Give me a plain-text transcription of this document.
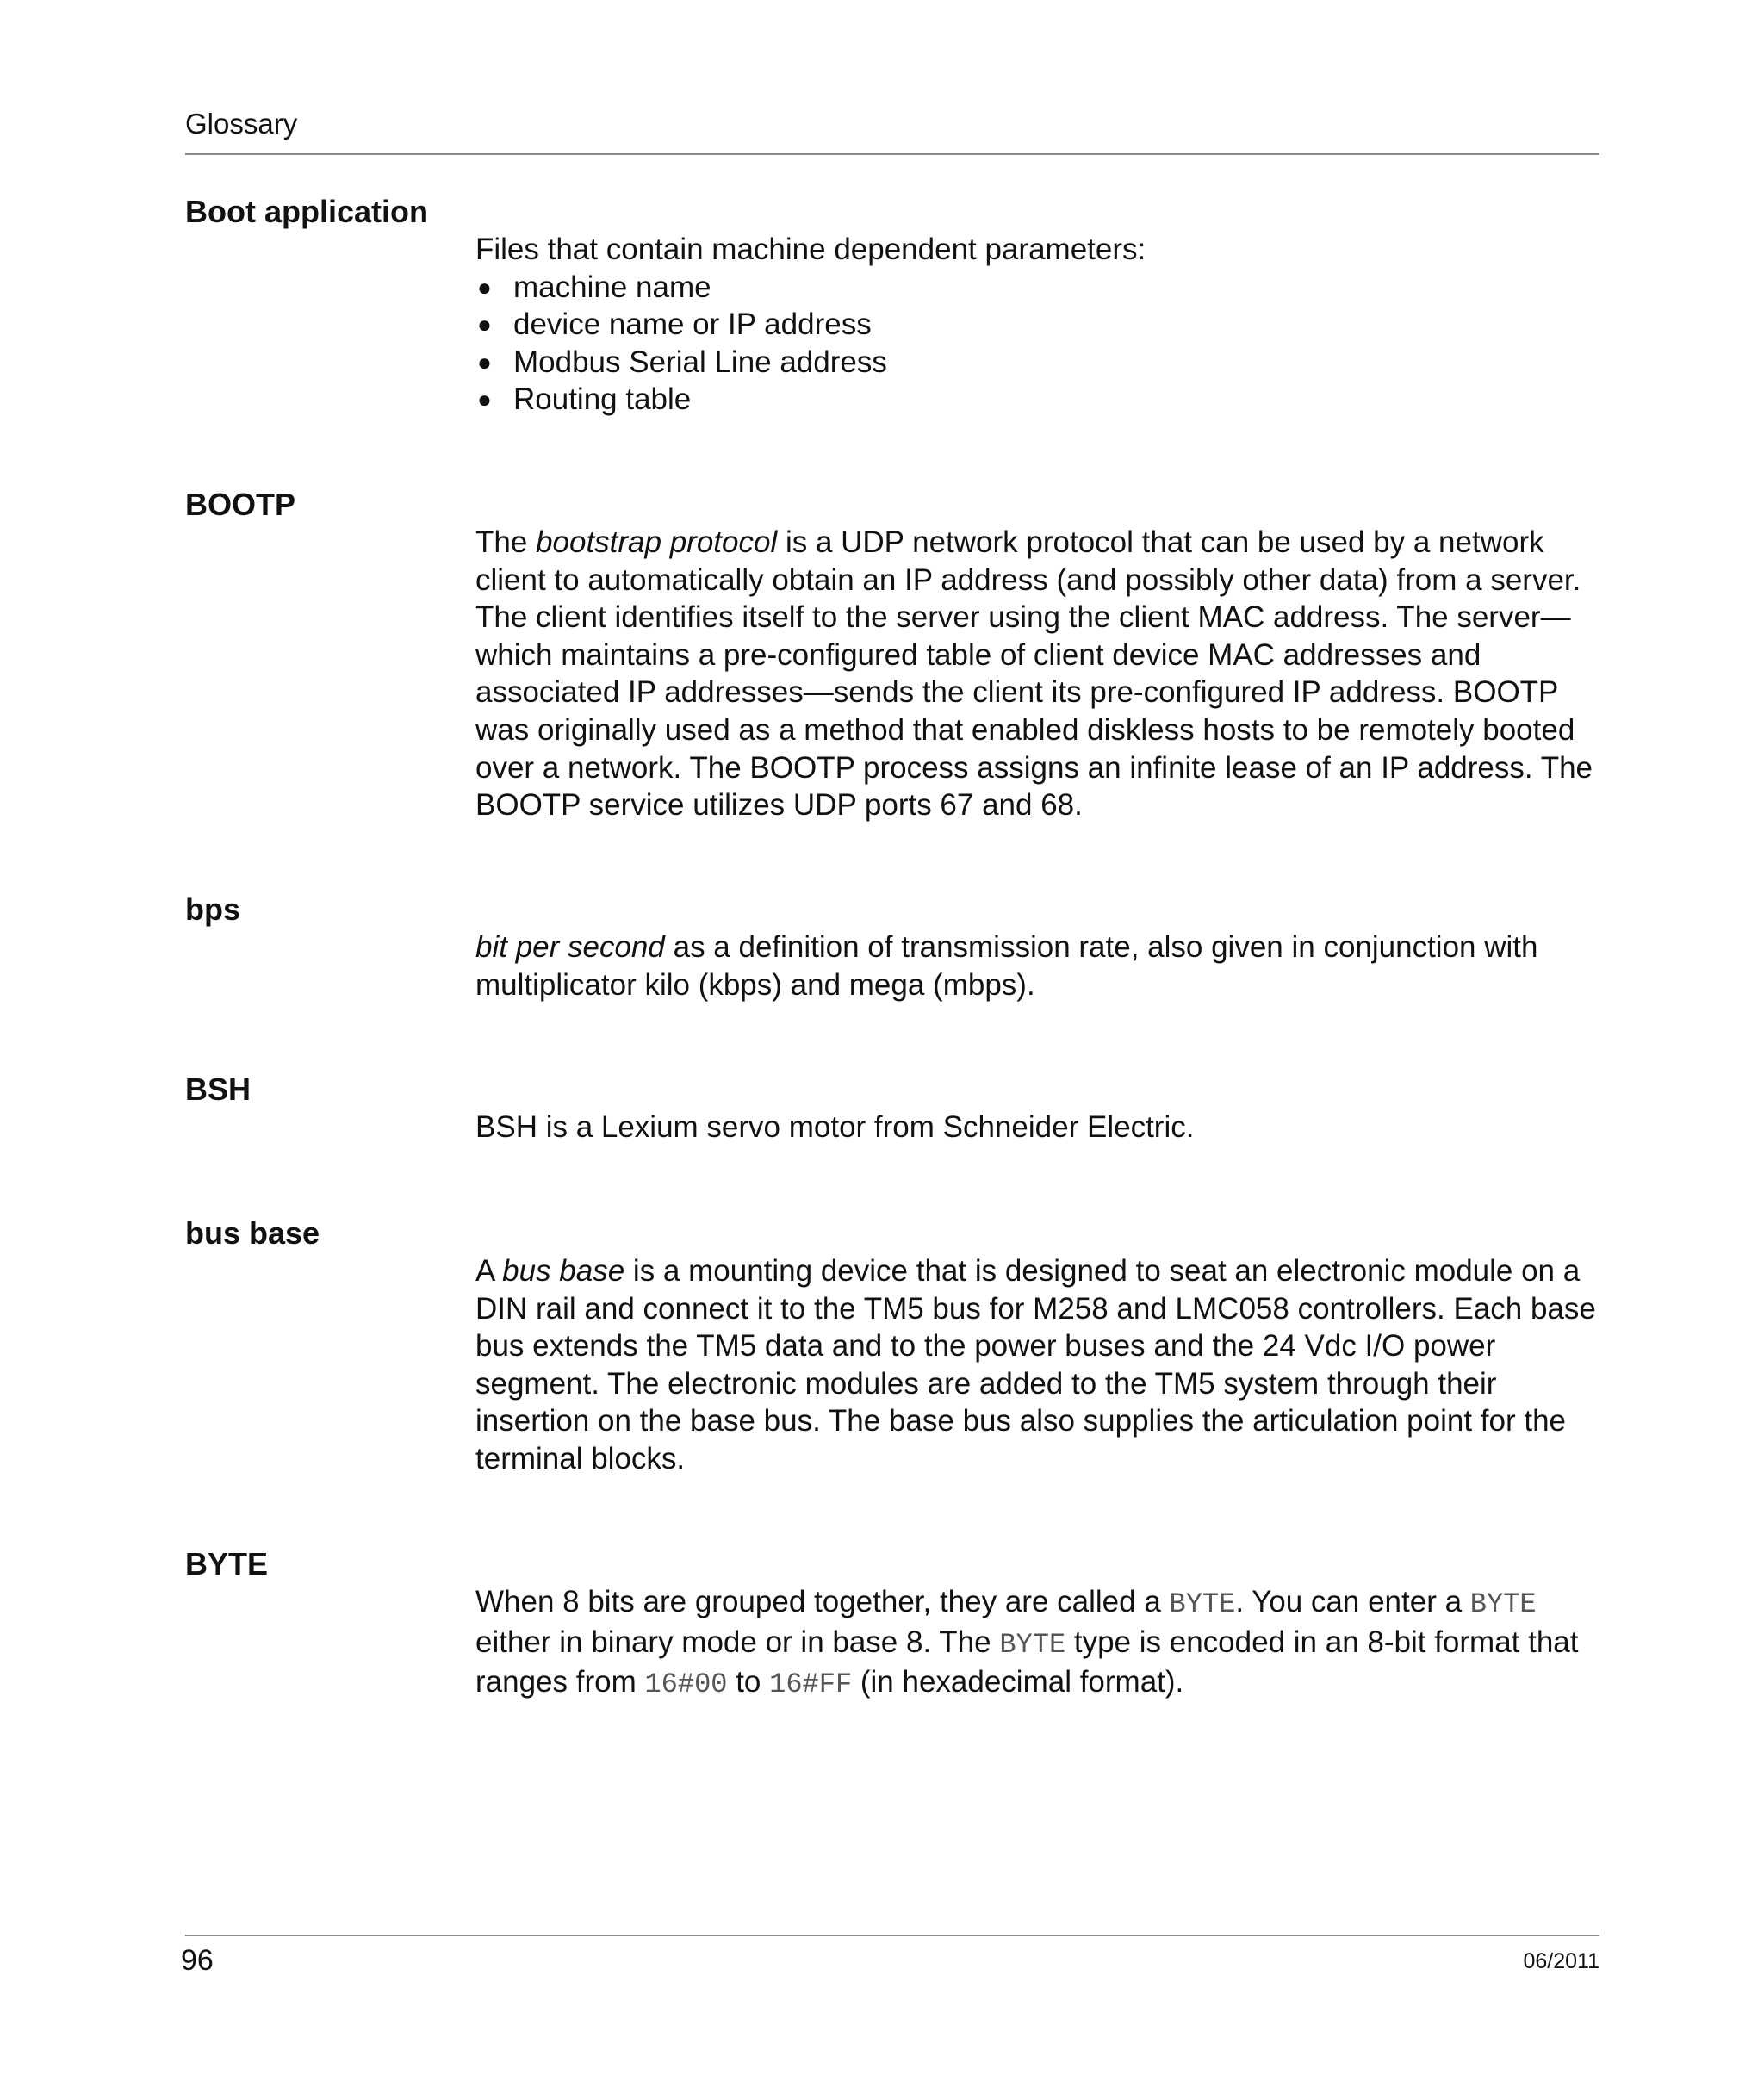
Glossary
Boot application

Files that contain machine dependent parameters:

● machine name
● device name or IP address
● Modbus Serial Line address
● Routing table
BOOTP

The bootstrap protocol is a UDP network protocol that can be used by a network client to automatically obtain an IP address (and possibly other data) from a server. The client identifies itself to the server using the client MAC address. The server—which maintains a pre-configured table of client device MAC addresses and associated IP addresses—sends the client its pre-configured IP address. BOOTP was originally used as a method that enabled diskless hosts to be remotely booted over a network. The BOOTP process assigns an infinite lease of an IP address. The BOOTP service utilizes UDP ports 67 and 68.

bps

bit per second as a definition of transmission rate, also given in conjunction with multiplicator kilo (kbps) and mega (mbps).

BSH

BSH is a Lexium servo motor from Schneider Electric.

bus base

A bus base is a mounting device that is designed to seat an electronic module on a DIN rail and connect it to the TM5 bus for M258 and LMC058 controllers. Each base bus extends the TM5 data and to the power buses and the 24 Vdc I/O power segment. The electronic modules are added to the TM5 system through their insertion on the base bus. The base bus also supplies the articulation point for the terminal blocks.

BYTE

When 8 bits are grouped together, they are called a BYTE. You can enter a BYTE either in binary mode or in base 8. The BYTE type is encoded in an 8-bit format that ranges from 16#00 to 16#FF (in hexadecimal format).

96	06/2011
